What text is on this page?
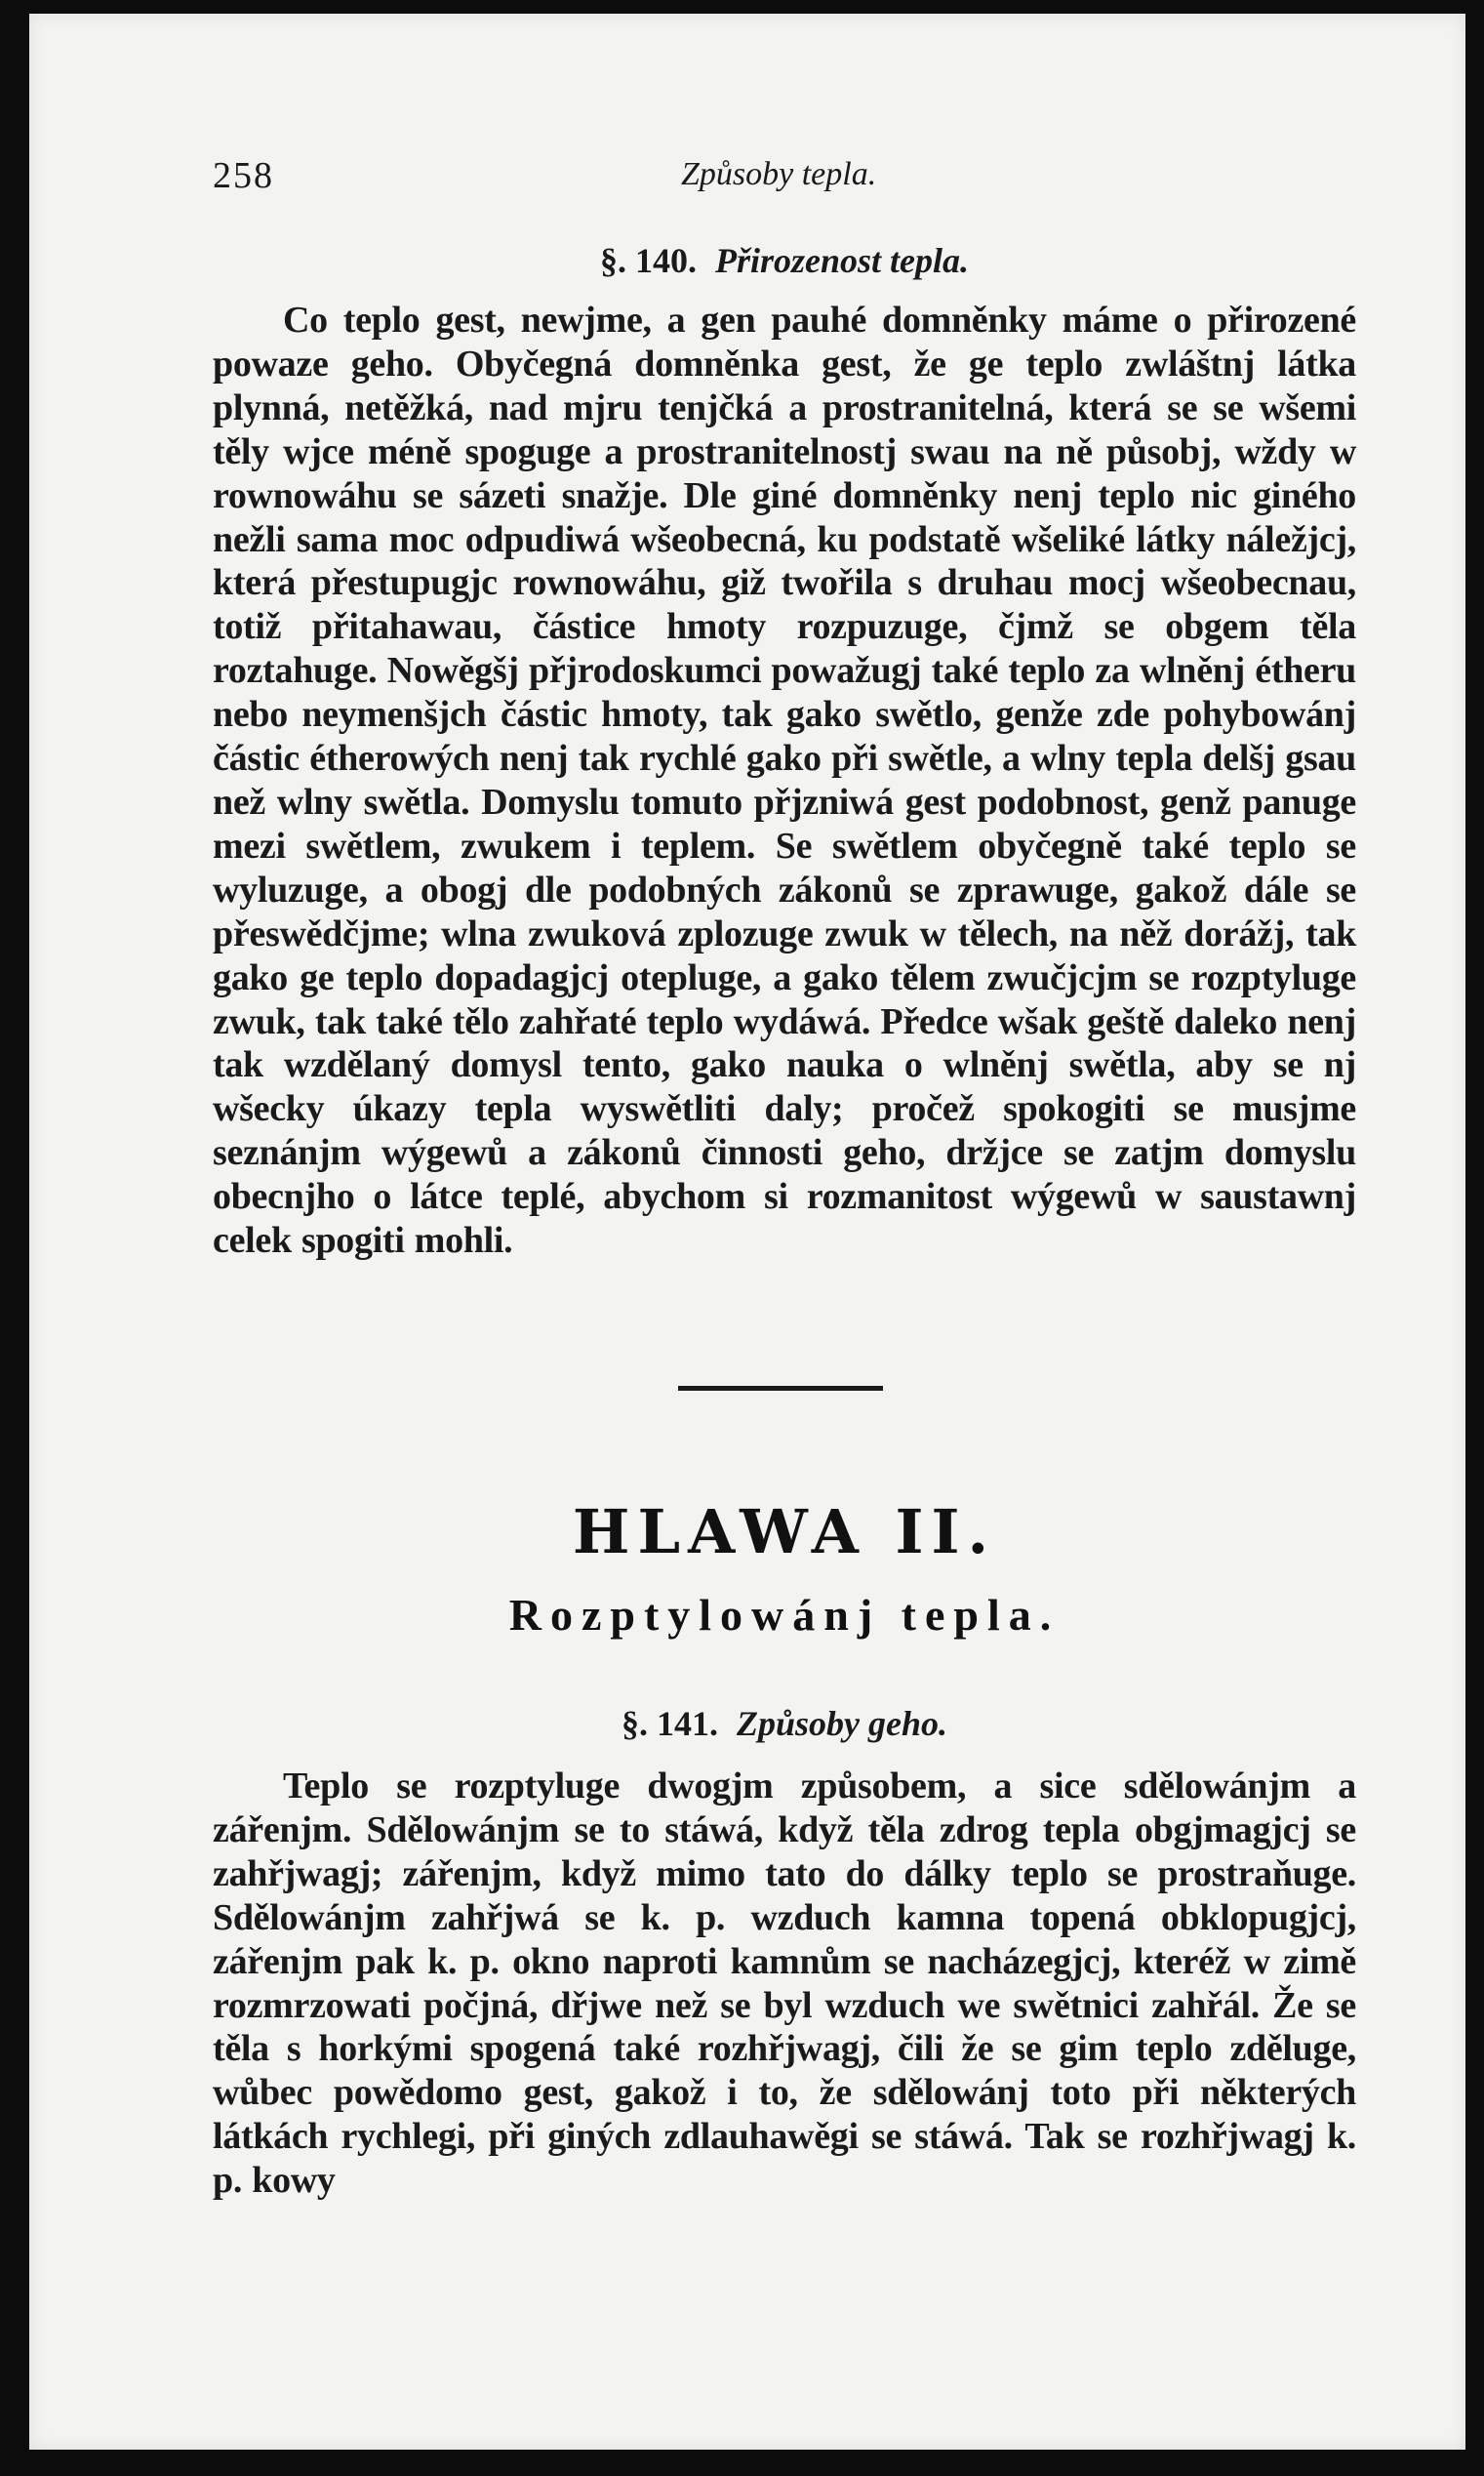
258	Způsoby tepla.
§. 140. Přirozenost tepla.

Co teplo gest, newjme, a gen pauhé domněnky máme o přirozené powaze geho. Obyčegná domněnka gest, že ge teplo zwláštnj látka plynná, netěžká, nad mjru tenjčká a prostranitelná, která se se wšemi těly wjce méně spoguge a prostranitelnostj swau na ně působj, wždy w rownowáhu se sázeti snažje. Dle giné domněnky nenj teplo nic giného nežli sama moc odpudiwá wšeobecná, ku podstatě wšeliké látky náležjcj, která přestupugjc rownowáhu, giž twořila s druhau mocj wšeobecnau, totiž přitahawau, částice hmoty rozpuzuge, čjmž se obgem těla roztahuge. Nowěgšj přjrodoskumci powažugj také teplo za wlněnj étheru nebo neymenšjch částic hmoty, tak gako swětlo, genže zde pohybowánj částic étherowých nenj tak rychlé gako při swětle, a wlny tepla delšj gsau než wlny swětla. Domyslu tomuto přjzniwá gest podobnost, genž panuge mezi swětlem, zwukem i teplem. Se swětlem obyčegně také teplo se wyluzuge, a obogj dle podobných zákonů se zprawuge, gakož dále se přeswědčjme; wlna zwuková zplozuge zwuk w tělech, na něž dorážj, tak gako ge teplo dopadagjcj otepluge, a gako tělem zwučjcjm se rozptyluge zwuk, tak také tělo zahřaté teplo wydáwá. Předce wšak geště daleko nenj tak wzdělaný domysl tento, gako nauka o wlněnj swětla, aby se nj wšecky úkazy tepla wyswětliti daly; pročež spokogiti se musjme seznánjm wýgewů a zákonů činnosti geho, držjce se zatjm domyslu obecnjho o látce teplé, abychom si rozmanitost wýgewů w saustawnj celek spogiti mohli.

HLAWA II.
Rozptylowánj tepla.
§. 141. Způsoby geho.

Teplo se rozptyluge dwogjm způsobem, a sice sdělowánjm a zářenjm. Sdělowánjm se to stáwá, když těla zdrog tepla obgjmagjcj se zahřjwagj; zářenjm, když mimo tato do dálky teplo se prostraňuge. Sdělowánjm zahřjwá se k. p. wzduch kamna topená obklopugjcj, zářenjm pak k. p. okno naproti kamnům se nacházegjcj, kteréž w zimě rozmrzowati počjná, dřjwe než se byl wzduch we swětnici zahřál. Že se těla s horkými spogená také rozhřjwagj, čili že se gim teplo zděluge, wůbec powědomo gest, gakož i to, že sdělowánj toto při některých látkách rychlegi, při giných zdlauhawěgi se stáwá. Tak se rozhřjwagj k. p. kowy
